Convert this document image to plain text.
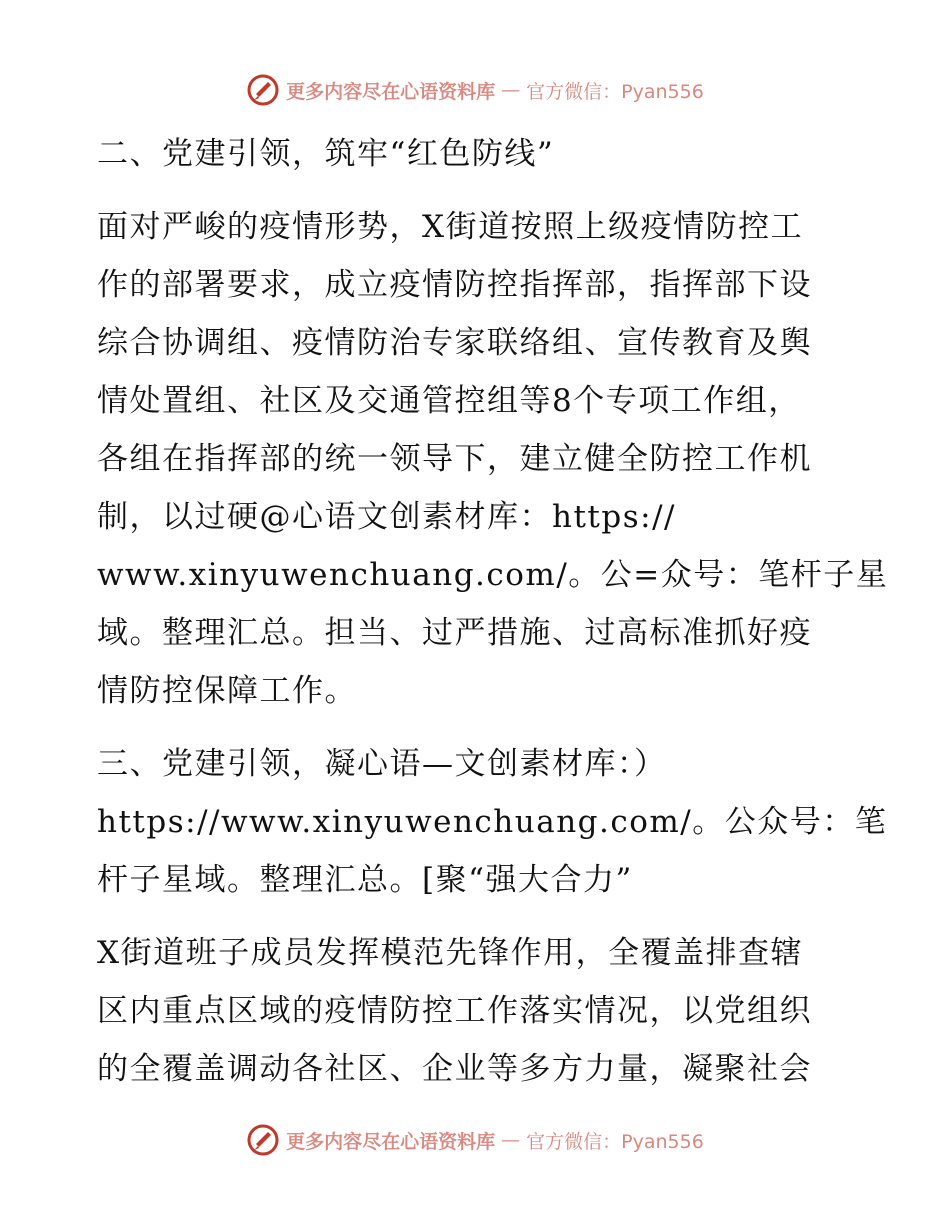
更多内容尽在心语资料库 — 官方微信：Pyan556
二、党建引领，筑牢“红色防线”
面对严峻的疫情形势，X街道按照上级疫情防控工
作的部署要求，成立疫情防控指挥部，指挥部下设
综合协调组、疫情防治专家联络组、宣传教育及舆
情处置组、社区及交通管控组等8个专项工作组，
各组在指挥部的统一领导下，建立健全防控工作机
制，以过硬@心语文创素材库：https://
www.xinyuwenchuang.com/。公=众号：笔杆子星
域。整理汇总。担当、过严措施、过高标准抓好疫
情防控保障工作。
三、党建引领，凝心语—文创素材库：）
https://www.xinyuwenchuang.com/。公众号：笔
杆子星域。整理汇总。[聚“强大合力”
X街道班子成员发挥模范先锋作用，全覆盖排查辖
区内重点区域的疫情防控工作落实情况，以党组织
的全覆盖调动各社区、企业等多方力量，凝聚社会
更多内容尽在心语资料库 — 官方微信：Pyan556
